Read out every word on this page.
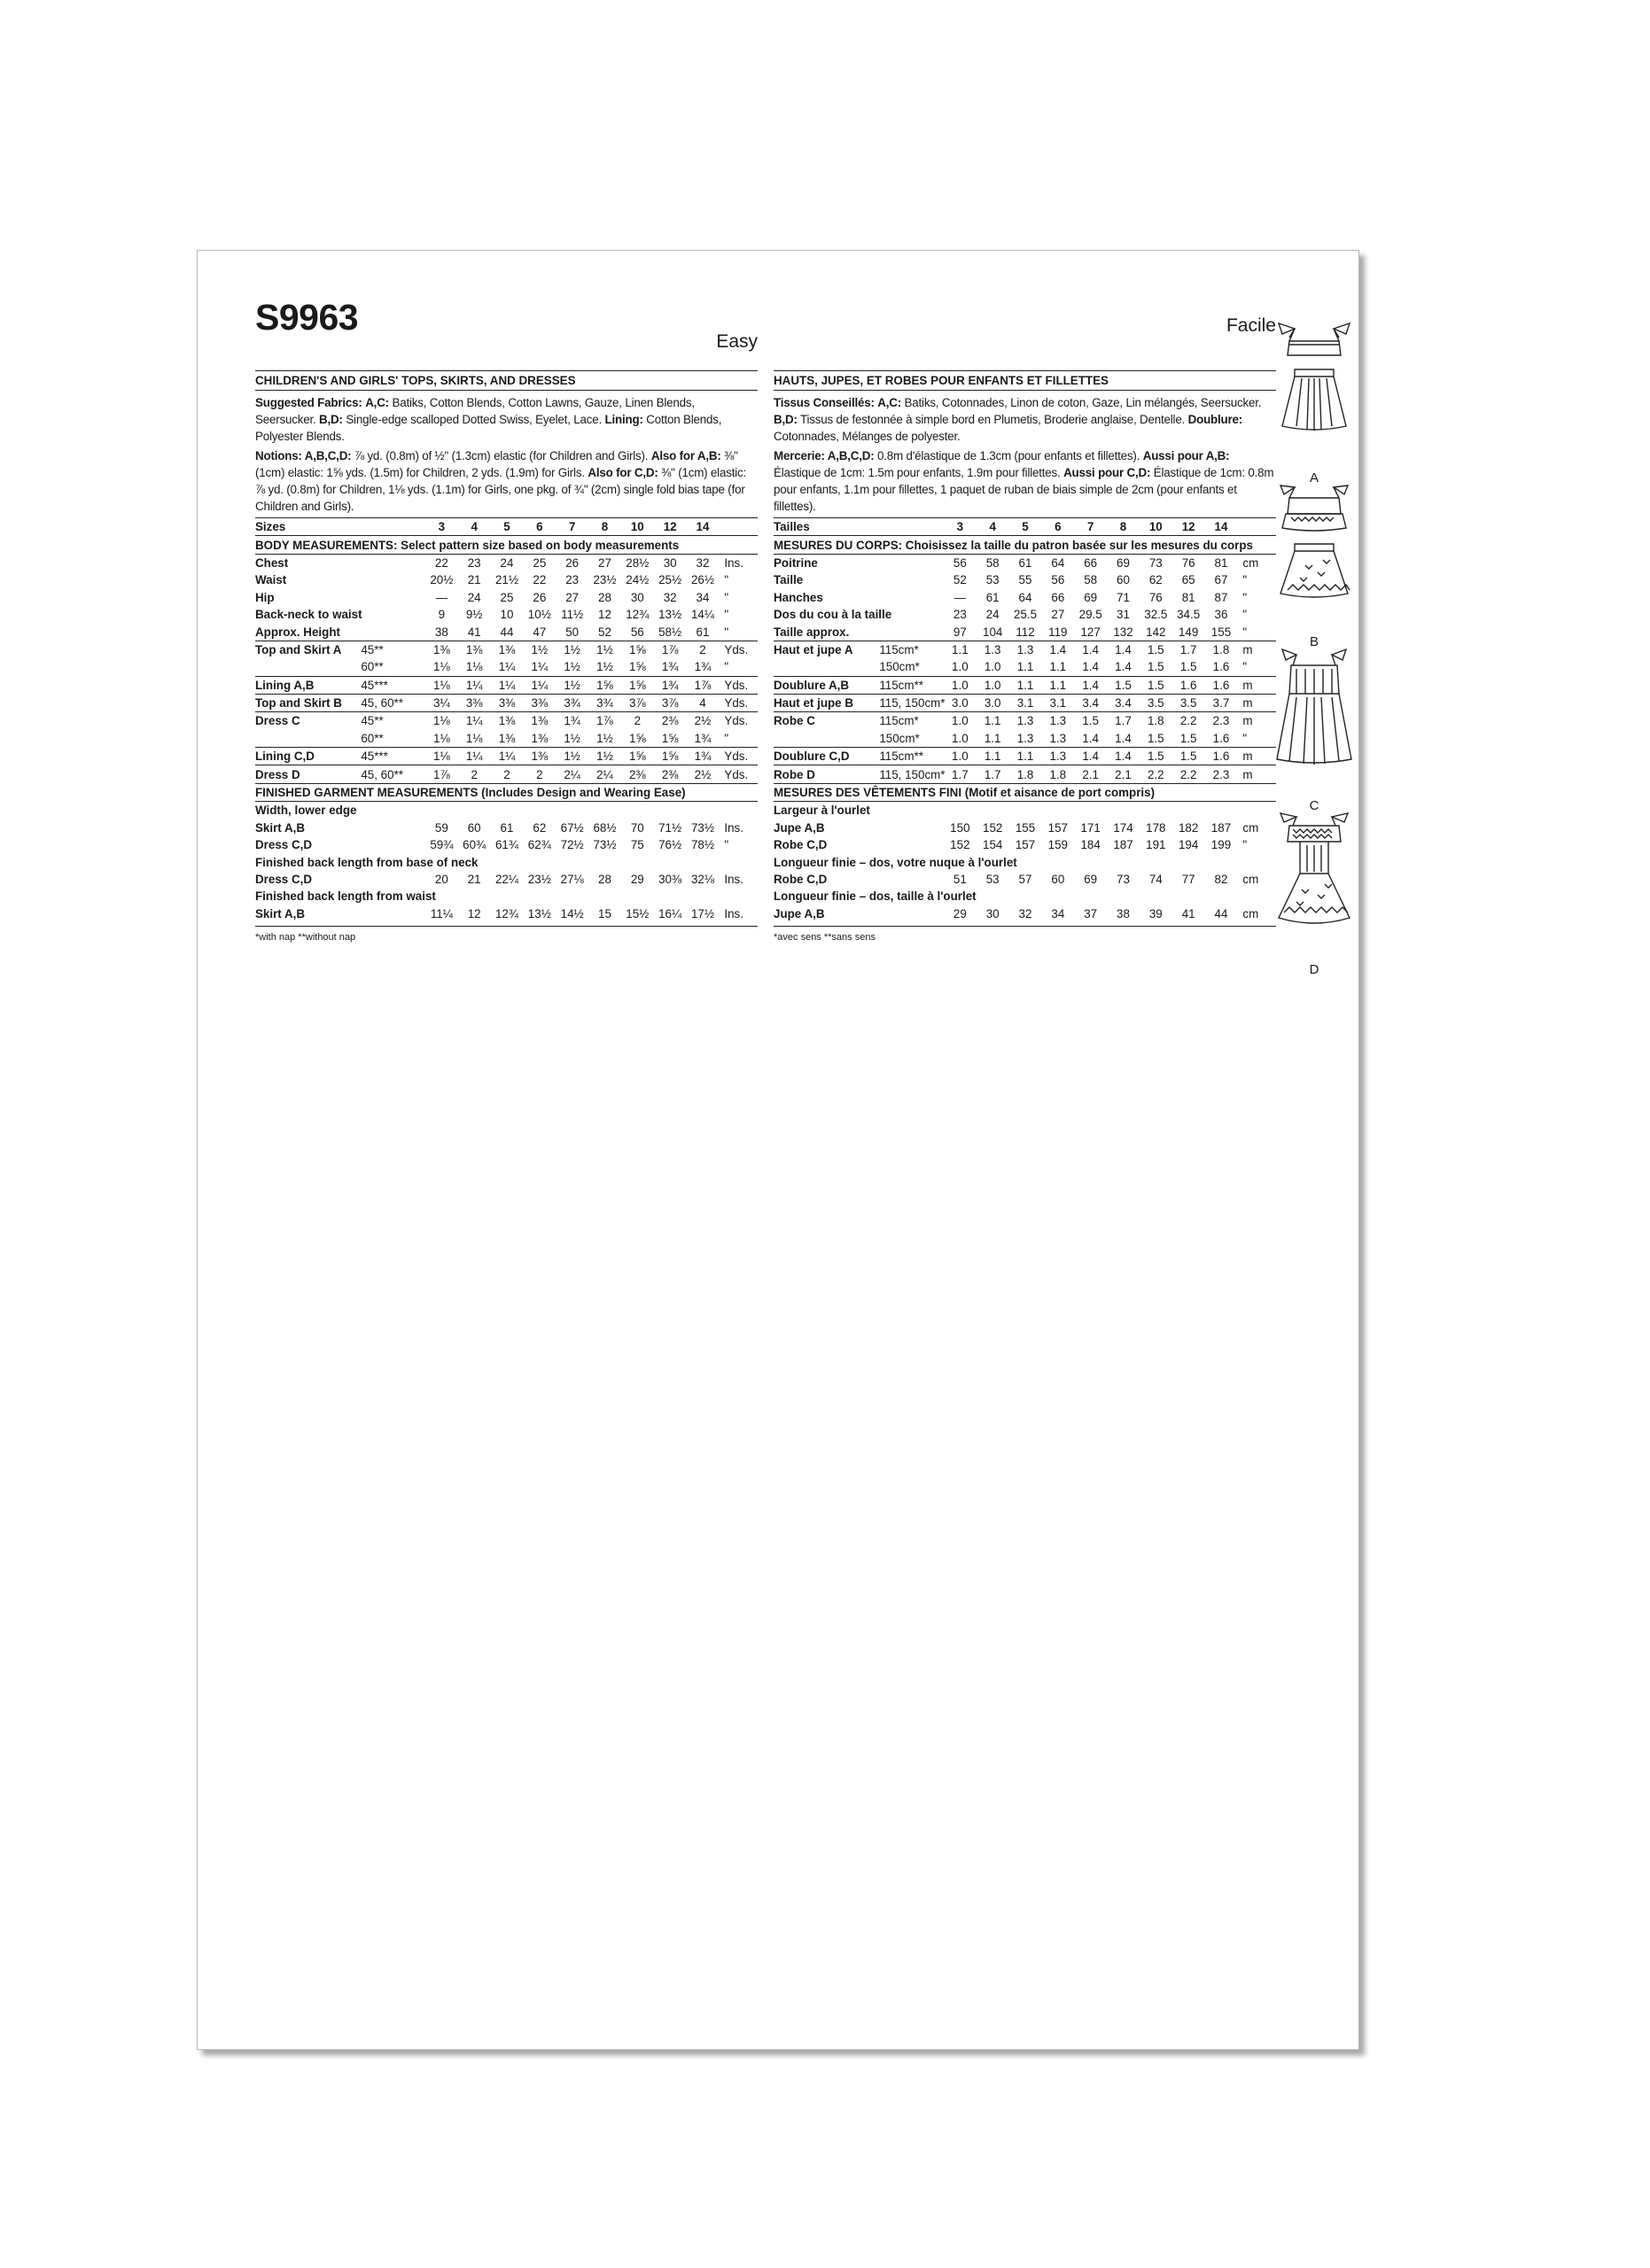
S9963
Easy
CHILDREN'S AND GIRLS' TOPS, SKIRTS, AND DRESSES
Suggested Fabrics: A,C: Batiks, Cotton Blends, Cotton Lawns, Gauze, Linen Blends, Seersucker. B,D: Single-edge scalloped Dotted Swiss, Eyelet, Lace. Lining: Cotton Blends, Polyester Blends.
Notions: A,B,C,D: ⅞ yd. (0.8m) of ½" (1.3cm) elastic (for Children and Girls). Also for A,B: ⅜" (1cm) elastic: 1⅝ yds. (1.5m) for Children, 2 yds. (1.9m) for Girls. Also for C,D: ⅜" (1cm) elastic: ⅞ yd. (0.8m) for Children, 1⅛ yds. (1.1m) for Girls, one pkg. of ¾" (2cm) single fold bias tape (for Children and Girls).
Sizes		3	4	5	6	7	8	10	12	14	
BODY MEASUREMENTS: Select pattern size based on body measurements											
Chest		22	23	24	25	26	27	28½	30	32	Ins.
Waist		20½	21	21½	22	23	23½	24½	25½	26½	"
Hip		—	24	25	26	27	28	30	32	34	"
Back-neck to waist		9	9½	10	10½	11½	12	12¾	13½	14¼	"
Approx. Height		38	41	44	47	50	52	56	58½	61	"
Top and Skirt A	45**	1⅜	1⅜	1⅜	1½	1½	1½	1⅝	1⅞	2	Yds.
	60**	1⅛	1⅛	1¼	1¼	1½	1½	1⅝	1¾	1¾	"
Lining A,B	45***	1⅛	1¼	1¼	1¼	1½	1⅝	1⅝	1¾	1⅞	Yds.
Top and Skirt B	45, 60**	3¼	3⅜	3⅜	3⅜	3¾	3¾	3⅞	3⅞	4	Yds.
Dress C	45**	1⅛	1¼	1⅜	1⅜	1¾	1⅞	2	2⅜	2½	Yds.
	60**	1⅛	1⅛	1⅜	1⅜	1½	1½	1⅝	1⅝	1¾	"
Lining C,D	45***	1⅛	1¼	1¼	1⅜	1½	1½	1⅝	1⅝	1¾	Yds.
Dress D	45, 60**	1⅞	2	2	2	2¼	2¼	2⅜	2⅜	2½	Yds.
FINISHED GARMENT MEASUREMENTS (Includes Design and Wearing Ease)											
Width, lower edge											
Skirt A,B		59	60	61	62	67½	68½	70	71½	73½	Ins.
Dress C,D		59¾	60¾	61¾	62¾	72½	73½	75	76½	78½	"
Finished back length from base of neck											
Dress C,D		20	21	22¼	23½	27⅛	28	29	30⅜	32⅛	Ins.
Finished back length from waist											
Skirt A,B		11¼	12	12¾	13½	14½	15	15½	16¼	17½	Ins.
*with nap **without nap
Facile
HAUTS, JUPES, ET ROBES POUR ENFANTS ET FILLETTES
Tissus Conseillés: A,C: Batiks, Cotonnades, Linon de coton, Gaze, Lin mélangés, Seersucker. B,D: Tissus de festonnée à simple bord en Plumetis, Broderie anglaise, Dentelle. Doublure: Cotonnades, Mélanges de polyester.
Mercerie: A,B,C,D: 0.8m d'élastique de 1.3cm (pour enfants et fillettes). Aussi pour A,B: Élastique de 1cm: 1.5m pour enfants, 1.9m pour fillettes. Aussi pour C,D: Élastique de 1cm: 0.8m pour enfants, 1.1m pour fillettes, 1 paquet de ruban de biais simple de 2cm (pour enfants et fillettes).
Tailles		3	4	5	6	7	8	10	12	14	
MESURES DU CORPS: Choisissez la taille du patron basée sur les mesures du corps											
Poitrine		56	58	61	64	66	69	73	76	81	cm
Taille		52	53	55	56	58	60	62	65	67	"
Hanches		—	61	64	66	69	71	76	81	87	"
Dos du cou à la taille		23	24	25.5	27	29.5	31	32.5	34.5	36	"
Taille approx.		97	104	112	119	127	132	142	149	155	"
Haut et jupe A	115cm*	1.1	1.3	1.3	1.4	1.4	1.4	1.5	1.7	1.8	m
	150cm*	1.0	1.0	1.1	1.1	1.4	1.4	1.5	1.5	1.6	"
Doublure A,B	115cm**	1.0	1.0	1.1	1.1	1.4	1.5	1.5	1.6	1.6	m
Haut et jupe B	115, 150cm*	3.0	3.0	3.1	3.1	3.4	3.4	3.5	3.5	3.7	m
Robe C	115cm*	1.0	1.1	1.3	1.3	1.5	1.7	1.8	2.2	2.3	m
	150cm*	1.0	1.1	1.3	1.3	1.4	1.4	1.5	1.5	1.6	"
Doublure C,D	115cm**	1.0	1.1	1.1	1.3	1.4	1.4	1.5	1.5	1.6	m
Robe D	115, 150cm*	1.7	1.7	1.8	1.8	2.1	2.1	2.2	2.2	2.3	m
MESURES DES VÊTEMENTS FINI (Motif et aisance de port compris)											
Largeur à l'ourlet											
Jupe A,B		150	152	155	157	171	174	178	182	187	cm
Robe C,D		152	154	157	159	184	187	191	194	199	"
Longueur finie – dos, votre nuque à l'ourlet											
Robe C,D		51	53	57	60	69	73	74	77	82	cm
Longueur finie – dos, taille à l'ourlet											
Jupe A,B		29	30	32	34	37	38	39	41	44	cm
*avec sens **sans sens
A
B
C
D
